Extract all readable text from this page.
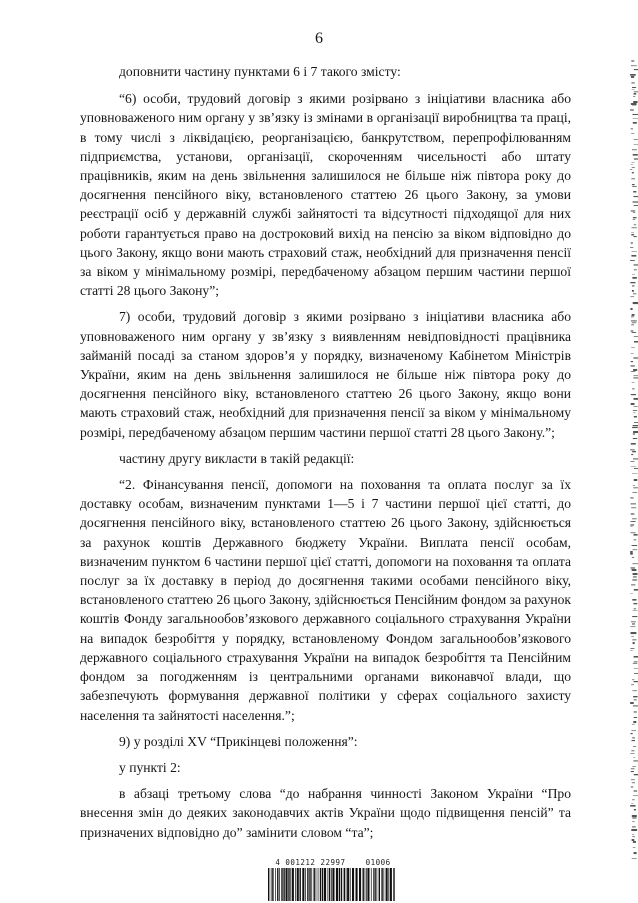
6

доповнити частину пунктами 6 і 7 такого змісту:

“6) особи, трудовий договір з якими розірвано з ініціативи власника або уповноваженого ним органу у зв’язку із змінами в організації виробництва та праці, в тому числі з ліквідацією, реорганізацією, банкрутством, перепрофілюванням підприємства, установи, організації, скороченням чисельності або штату працівників, яким на день звільнення залишилося не більше ніж півтора року до досягнення пенсійного віку, встановленого статтею 26 цього Закону, за умови реєстрації осіб у державній службі зайнятості та відсутності підходящої для них роботи гарантується право на достроковий вихід на пенсію за віком відповідно до цього Закону, якщо вони мають страховий стаж, необхідний для призначення пенсії за віком у мінімальному розмірі, передбаченому абзацом першим частини першої статті 28 цього Закону”;

7) особи, трудовий договір з якими розірвано з ініціативи власника або уповноваженого ним органу у зв’язку з виявленням невідповідності працівника займаній посаді за станом здоров’я у порядку, визначеному Кабінетом Міністрів України, яким на день звільнення залишилося не більше ніж півтора року до досягнення пенсійного віку, встановленого статтею 26 цього Закону, якщо вони мають страховий стаж, необхідний для призначення пенсії за віком у мінімальному розмірі, передбаченому абзацом першим частини першої статті 28 цього Закону.”;

частину другу викласти в такій редакції:

“2. Фінансування пенсії, допомоги на поховання та оплата послуг за їх доставку особам, визначеним пунктами 1—5 і 7 частини першої цієї статті, до досягнення пенсійного віку, встановленого статтею 26 цього Закону, здійснюється за рахунок коштів Державного бюджету України. Виплата пенсії особам, визначеним пунктом 6 частини першої цієї статті, допомоги на поховання та оплата послуг за їх доставку в період до досягнення такими особами пенсійного віку, встановленого статтею 26 цього Закону, здійснюється Пенсійним фондом за рахунок коштів Фонду загальнообов’язкового державного соціального страхування України на випадок безробіття у порядку, встановленому Фондом загальнообов’язкового державного соціального страхування України на випадок безробіття та Пенсійним фондом за погодженням із центральними органами виконавчої влади, що забезпечують формування державної політики у сферах соціального захисту населення та зайнятості населення.”;

9) у розділі XV “Прикінцеві положення”:

у пункті 2:

в абзаці третьому слова “до набрання чинності Законом України “Про внесення змін до деяких законодавчих актів України щодо підвищення пенсій” та призначених відповідно до” замінити словом “та”;

4 001212 22997    01006
